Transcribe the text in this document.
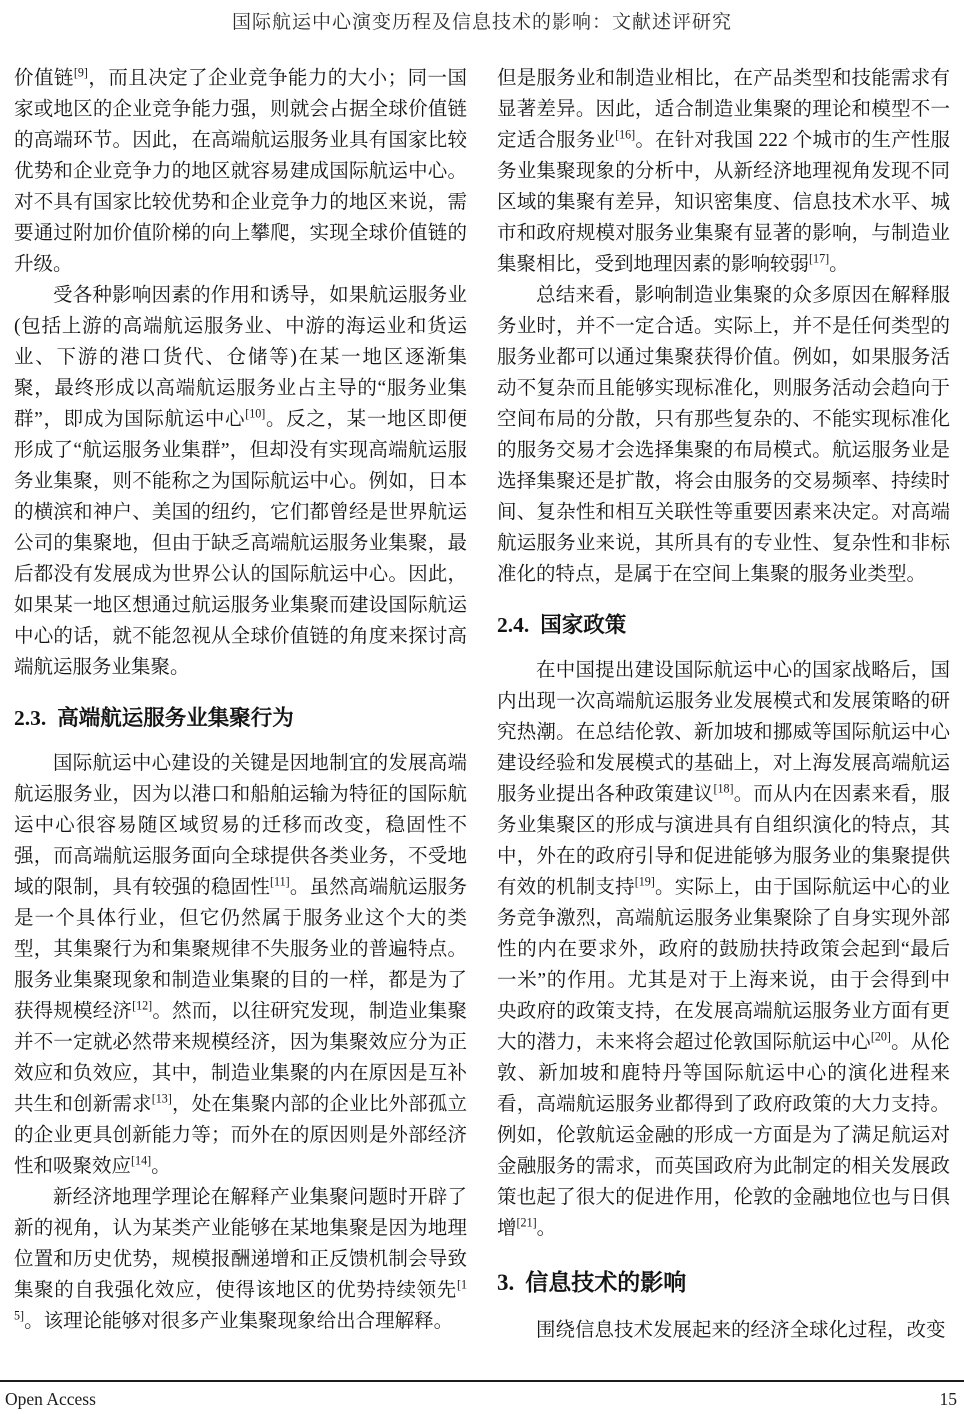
国际航运中心演变历程及信息技术的影响：文献述评研究

价值链[9]，而且决定了企业竞争能力的大小；同一国家或地区的企业竞争能力强，则就会占据全球价值链的高端环节。因此，在高端航运服务业具有国家比较优势和企业竞争力的地区就容易建成国际航运中心。对不具有国家比较优势和企业竞争力的地区来说，需要通过附加价值阶梯的向上攀爬，实现全球价值链的升级。

受各种影响因素的作用和诱导，如果航运服务业(包括上游的高端航运服务业、中游的海运业和货运业、下游的港口货代、仓储等)在某一地区逐渐集聚，最终形成以高端航运服务业占主导的“服务业集群”，即成为国际航运中心[10]。反之，某一地区即便形成了“航运服务业集群”，但却没有实现高端航运服务业集聚，则不能称之为国际航运中心。例如，日本的横滨和神户、美国的纽约，它们都曾经是世界航运公司的集聚地，但由于缺乏高端航运服务业集聚，最后都没有发展成为世界公认的国际航运中心。因此，如果某一地区想通过航运服务业集聚而建设国际航运中心的话，就不能忽视从全球价值链的角度来探讨高端航运服务业集聚。

2.3. 高端航运服务业集聚行为

国际航运中心建设的关键是因地制宜的发展高端航运服务业，因为以港口和船舶运输为特征的国际航运中心很容易随区域贸易的迁移而改变，稳固性不强，而高端航运服务面向全球提供各类业务，不受地域的限制，具有较强的稳固性[11]。虽然高端航运服务是一个具体行业，但它仍然属于服务业这个大的类型，其集聚行为和集聚规律不失服务业的普遍特点。服务业集聚现象和制造业集聚的目的一样，都是为了获得规模经济[12]。然而，以往研究发现，制造业集聚并不一定就必然带来规模经济，因为集聚效应分为正效应和负效应，其中，制造业集聚的内在原因是互补共生和创新需求[13]，处在集聚内部的企业比外部孤立的企业更具创新能力等；而外在的原因则是外部经济性和吸聚效应[14]。

新经济地理学理论在解释产业集聚问题时开辟了新的视角，认为某类产业能够在某地集聚是因为地理位置和历史优势，规模报酬递增和正反馈机制会导致集聚的自我强化效应，使得该地区的优势持续领先[15]。该理论能够对很多产业集聚现象给出合理解释。

但是服务业和制造业相比，在产品类型和技能需求有显著差异。因此，适合制造业集聚的理论和模型不一定适合服务业[16]。在针对我国 222 个城市的生产性服务业集聚现象的分析中，从新经济地理视角发现不同区域的集聚有差异，知识密集度、信息技术水平、城市和政府规模对服务业集聚有显著的影响，与制造业集聚相比，受到地理因素的影响较弱[17]。

总结来看，影响制造业集聚的众多原因在解释服务业时，并不一定合适。实际上，并不是任何类型的服务业都可以通过集聚获得价值。例如，如果服务活动不复杂而且能够实现标准化，则服务活动会趋向于空间布局的分散，只有那些复杂的、不能实现标准化的服务交易才会选择集聚的布局模式。航运服务业是选择集聚还是扩散，将会由服务的交易频率、持续时间、复杂性和相互关联性等重要因素来决定。对高端航运服务业来说，其所具有的专业性、复杂性和非标准化的特点，是属于在空间上集聚的服务业类型。

2.4. 国家政策

在中国提出建设国际航运中心的国家战略后，国内出现一次高端航运服务业发展模式和发展策略的研究热潮。在总结伦敦、新加坡和挪威等国际航运中心建设经验和发展模式的基础上，对上海发展高端航运服务业提出各种政策建议[18]。而从内在因素来看，服务业集聚区的形成与演进具有自组织演化的特点，其中，外在的政府引导和促进能够为服务业的集聚提供有效的机制支持[19]。实际上，由于国际航运中心的业务竞争激烈，高端航运服务业集聚除了自身实现外部性的内在要求外，政府的鼓励扶持政策会起到“最后一米”的作用。尤其是对于上海来说，由于会得到中央政府的政策支持，在发展高端航运服务业方面有更大的潜力，未来将会超过伦敦国际航运中心[20]。从伦敦、新加坡和鹿特丹等国际航运中心的演化进程来看，高端航运服务业都得到了政府政策的大力支持。例如，伦敦航运金融的形成一方面是为了满足航运对金融服务的需求，而英国政府为此制定的相关发展政策也起了很大的促进作用，伦敦的金融地位也与日俱增[21]。

3. 信息技术的影响

围绕信息技术发展起来的经济全球化过程，改变

Open Access	15
